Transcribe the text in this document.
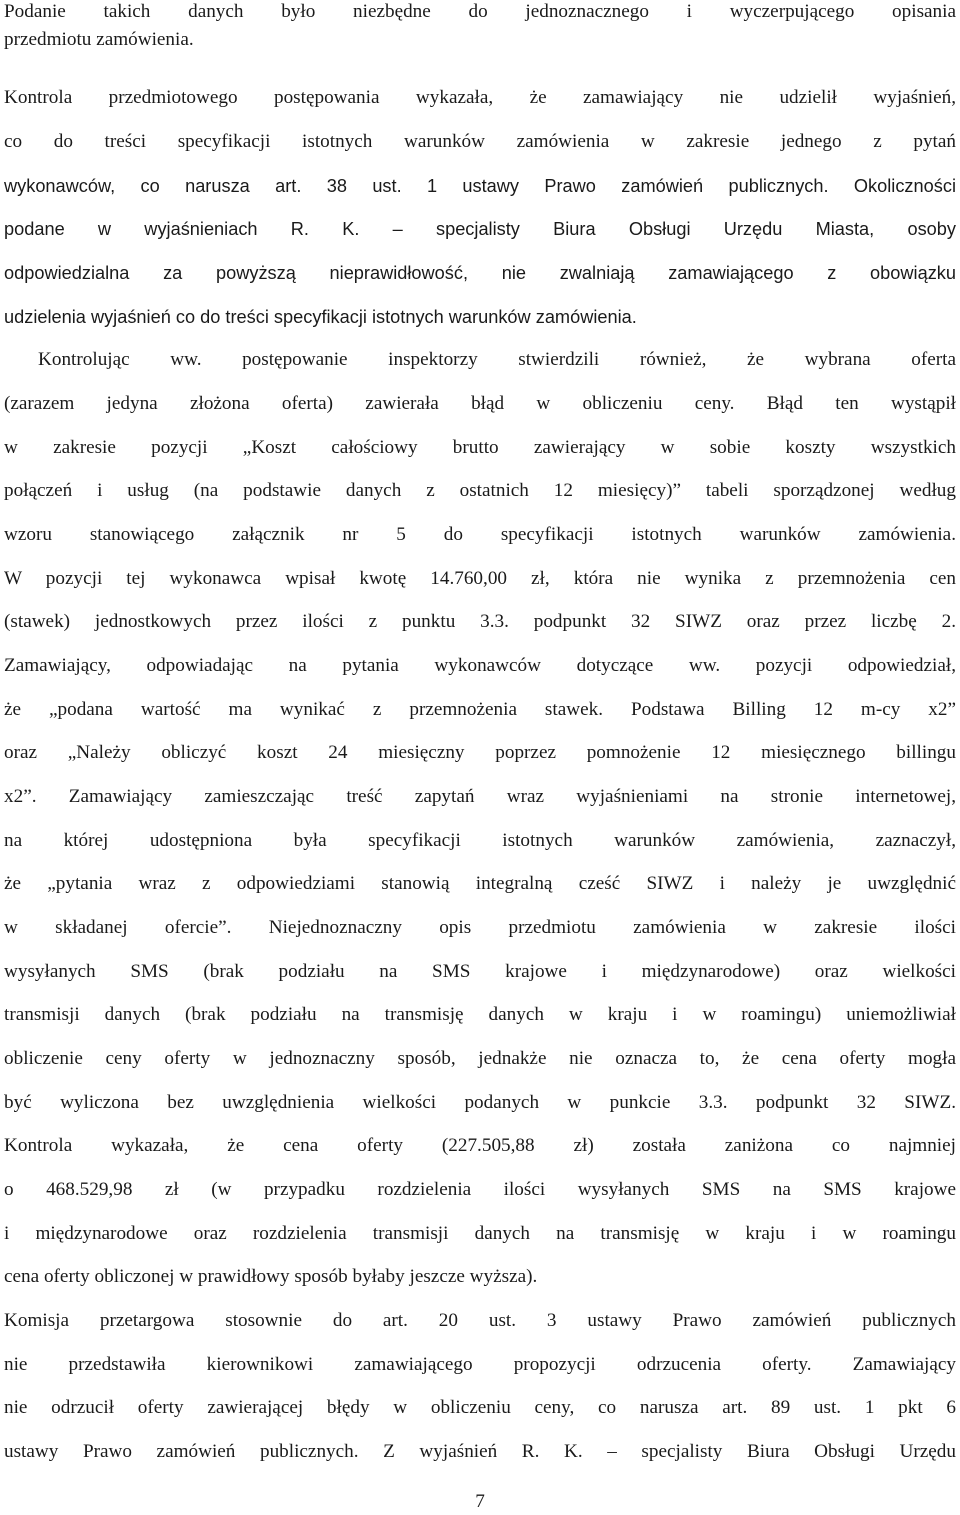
Podanie takich danych było niezbędne do jednoznacznego i wyczerpującego opisania
przedmiotu zamówienia.
Kontrola przedmiotowego postępowania wykazała, że zamawiający nie udzielił wyjaśnień,
co do treści specyfikacji istotnych warunków zamówienia w zakresie jednego z pytań
wykonawców, co narusza art. 38 ust. 1 ustawy Prawo zamówień publicznych. Okoliczności
podane w wyjaśnieniach R. K. – specjalisty Biura Obsługi Urzędu Miasta, osoby
odpowiedzialna za powyższą nieprawidłowość, nie zwalniają zamawiającego z obowiązku
udzielenia wyjaśnień co do treści specyfikacji istotnych warunków zamówienia.
Kontrolując ww. postępowanie inspektorzy stwierdzili również, że wybrana oferta
(zarazem jedyna złożona oferta) zawierała błąd w obliczeniu ceny. Błąd ten wystąpił
w zakresie pozycji „Koszt całościowy brutto zawierający w sobie koszty wszystkich
połączeń i usług (na podstawie danych z ostatnich 12 miesięcy)” tabeli sporządzonej według
wzoru stanowiącego załącznik nr 5 do specyfikacji istotnych warunków zamówienia.
W pozycji tej wykonawca wpisał kwotę 14.760,00 zł, która nie wynika z przemnożenia cen
(stawek) jednostkowych przez ilości z punktu 3.3. podpunkt 32 SIWZ oraz przez liczbę 2.
Zamawiający, odpowiadając na pytania wykonawców dotyczące ww. pozycji odpowiedział,
że „podana wartość ma wynikać z przemnożenia stawek. Podstawa Billing 12 m-cy x2”
oraz „Należy obliczyć koszt 24 miesięczny poprzez pomnożenie 12 miesięcznego billingu
x2”. Zamawiający zamieszczając treść zapytań wraz wyjaśnieniami na stronie internetowej,
na której udostępniona była specyfikacji istotnych warunków zamówienia, zaznaczył,
że „pytania wraz z odpowiedziami stanowią integralną cześć SIWZ i należy je uwzględnić
w składanej ofercie”. Niejednoznaczny opis przedmiotu zamówienia w zakresie ilości
wysyłanych SMS (brak podziału na SMS krajowe i międzynarodowe) oraz wielkości
transmisji danych (brak podziału na transmisję danych w kraju i w roamingu) uniemożliwiał
obliczenie ceny oferty w jednoznaczny sposób, jednakże nie oznacza to, że cena oferty mogła
być wyliczona bez uwzględnienia wielkości podanych w punkcie 3.3. podpunkt 32 SIWZ.
Kontrola wykazała, że cena oferty (227.505,88 zł) została zaniżona co najmniej
o 468.529,98 zł (w przypadku rozdzielenia ilości wysyłanych SMS na SMS krajowe
i międzynarodowe oraz rozdzielenia transmisji danych na transmisję w kraju i w roamingu
cena oferty obliczonej w prawidłowy sposób byłaby jeszcze wyższa).
Komisja przetargowa stosownie do art. 20 ust. 3 ustawy Prawo zamówień publicznych
nie przedstawiła kierownikowi zamawiającego propozycji odrzucenia oferty. Zamawiający
nie odrzucił oferty zawierającej błędy w obliczeniu ceny, co narusza art. 89 ust. 1 pkt 6
ustawy Prawo zamówień publicznych. Z wyjaśnień R. K. – specjalisty Biura Obsługi Urzędu
7
